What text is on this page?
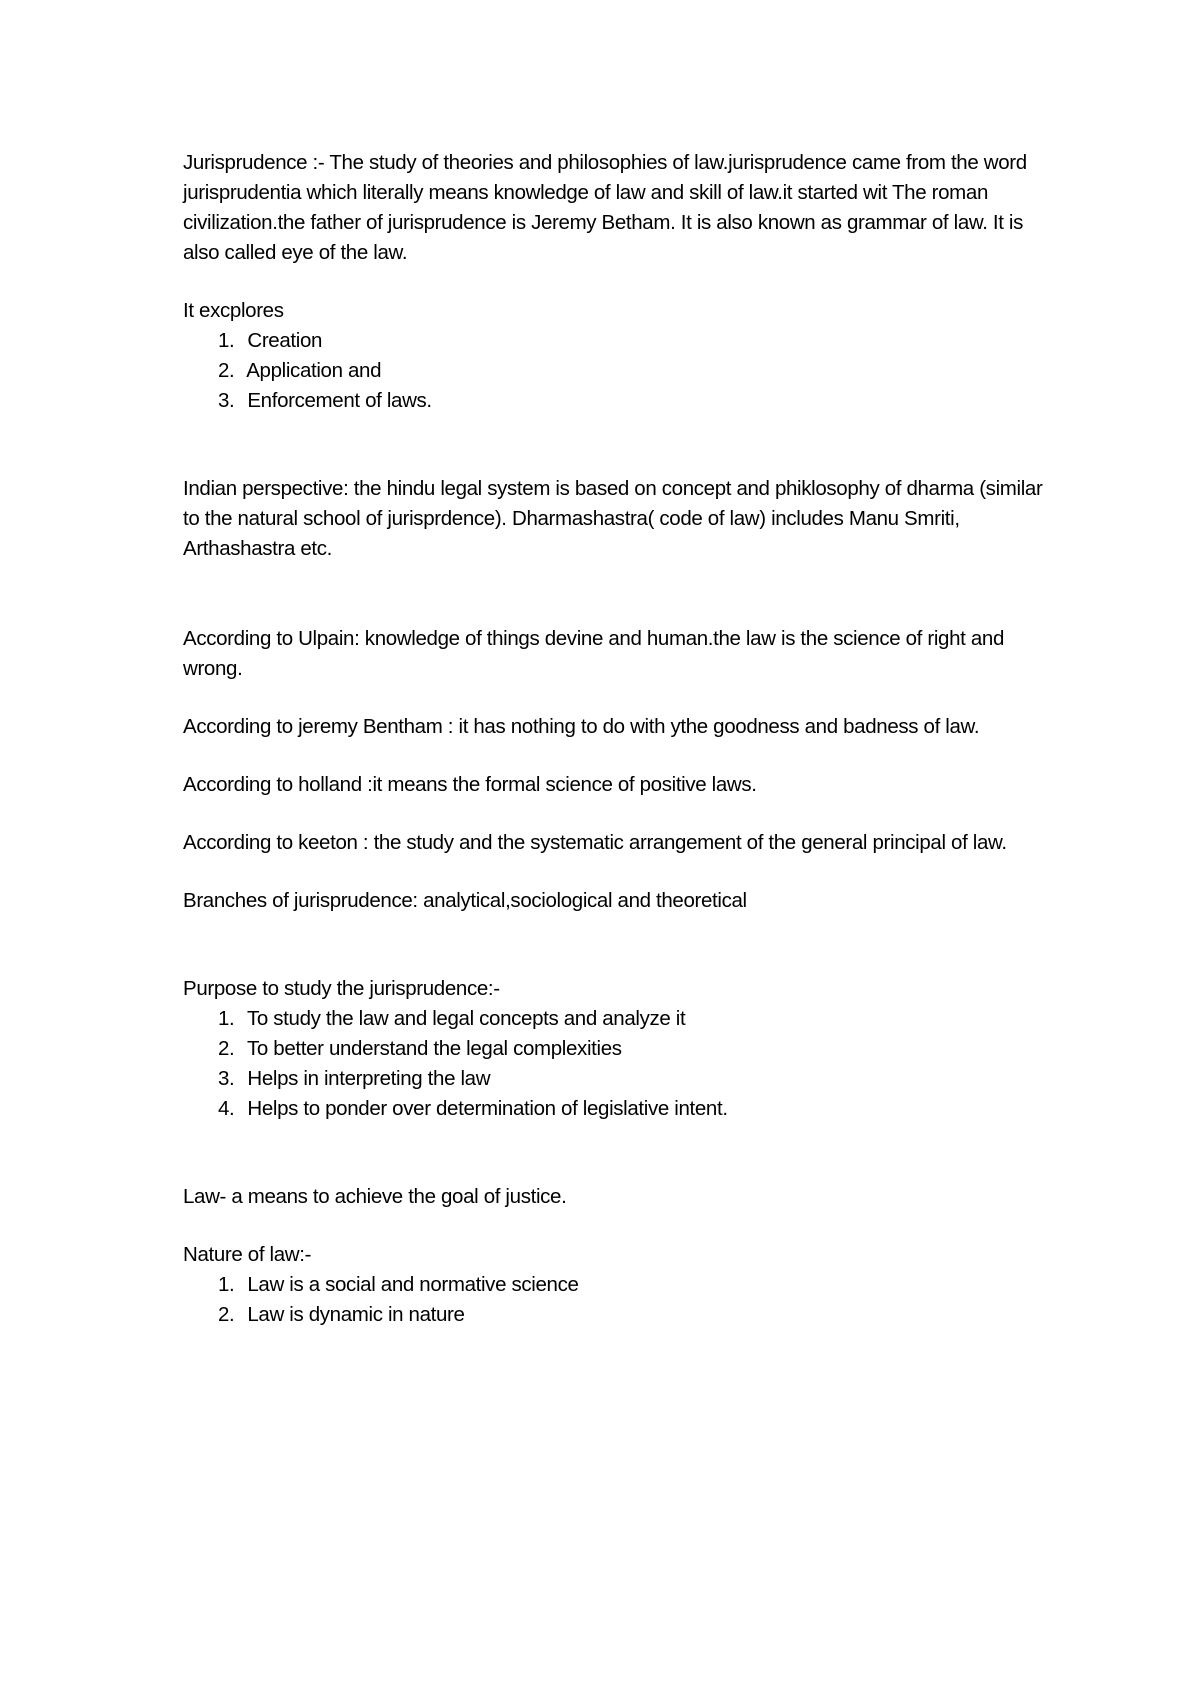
Jurisprudence :- The study of theories and philosophies of law.jurisprudence came from the word jurisprudentia which literally means knowledge of law and skill of law.it started wit The roman civilization.the father of jurisprudence is Jeremy Betham. It is also known as grammar of law. It is also called eye of the law.

It excplores

1. Creation
2. Application and
3. Enforcement of laws.

Indian perspective: the hindu legal system is based on concept and phiklosophy of dharma (similar to the natural school of jurisprdence). Dharmashastra( code of law) includes Manu Smriti, Arthashastra etc.

According to Ulpain: knowledge of things devine and human.the law is the science of right and wrong.

According to jeremy Bentham : it has nothing to do with ythe goodness and badness of law.

According to holland :it means the formal science of positive laws.

According to keeton : the study and the systematic arrangement of the general principal of law.

Branches of jurisprudence: analytical,sociological and theoretical

Purpose to study the jurisprudence:-

1. To study the law and legal concepts and analyze it
2. To better understand the legal complexities
3. Helps in interpreting the law
4. Helps to ponder over determination of legislative intent.

Law- a means to achieve the goal of justice.

Nature of law:-

1. Law is a social and normative science
2. Law is dynamic in nature
